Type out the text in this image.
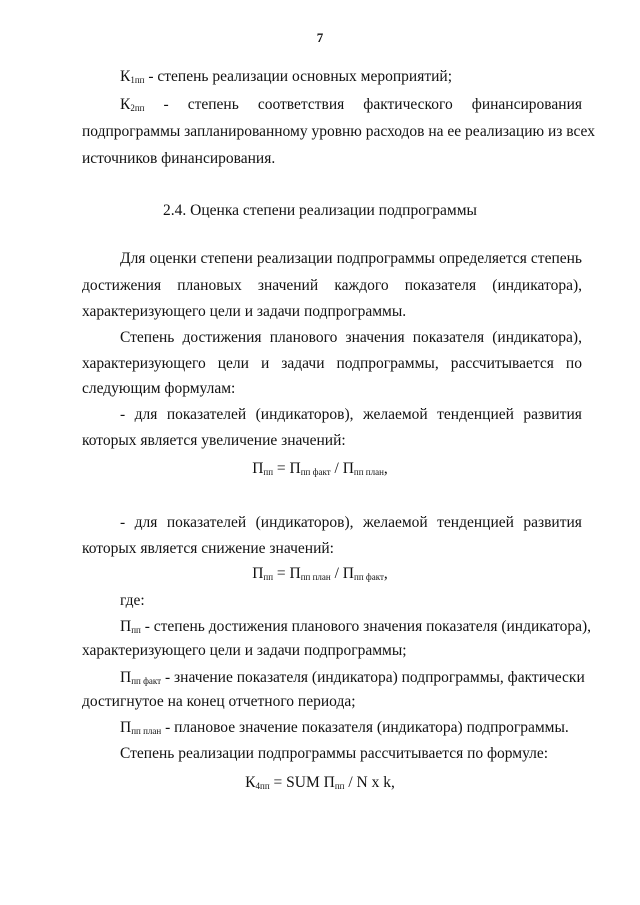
7
$К_{1пп}$ - степень реализации основных мероприятий;
$К_{2пп}$ - степень соответствия фактического финансирования
подпрограммы запланированному уровню расходов на ее реализацию из всех
источников финансирования.
2.4. Оценка степени реализации подпрограммы
Для оценки степени реализации подпрограммы определяется степень
достижения плановых значений каждого показателя (индикатора),
характеризующего цели и задачи подпрограммы.
Степень достижения планового значения показателя (индикатора),
характеризующего цели и задачи подпрограммы, рассчитывается по
следующим формулам:
- для показателей (индикаторов), желаемой тенденцией развития
которых является увеличение значений:
$П_{пп} = П_{пп факт} / П_{пп план}$,
- для показателей (индикаторов), желаемой тенденцией развития
которых является снижение значений:
$П_{пп} = П_{пп план} / П_{пп факт}$,
где:
$П_{пп}$ - степень достижения планового значения показателя (индикатора),
характеризующего цели и задачи подпрограммы;
$П_{пп факт}$ - значение показателя (индикатора) подпрограммы, фактически
достигнутое на конец отчетного периода;
$П_{пп план}$ - плановое значение показателя (индикатора) подпрограммы.
Степень реализации подпрограммы рассчитывается по формуле:
$К_{4пп}$ = SUM $П_{пп}$ / N x k,
